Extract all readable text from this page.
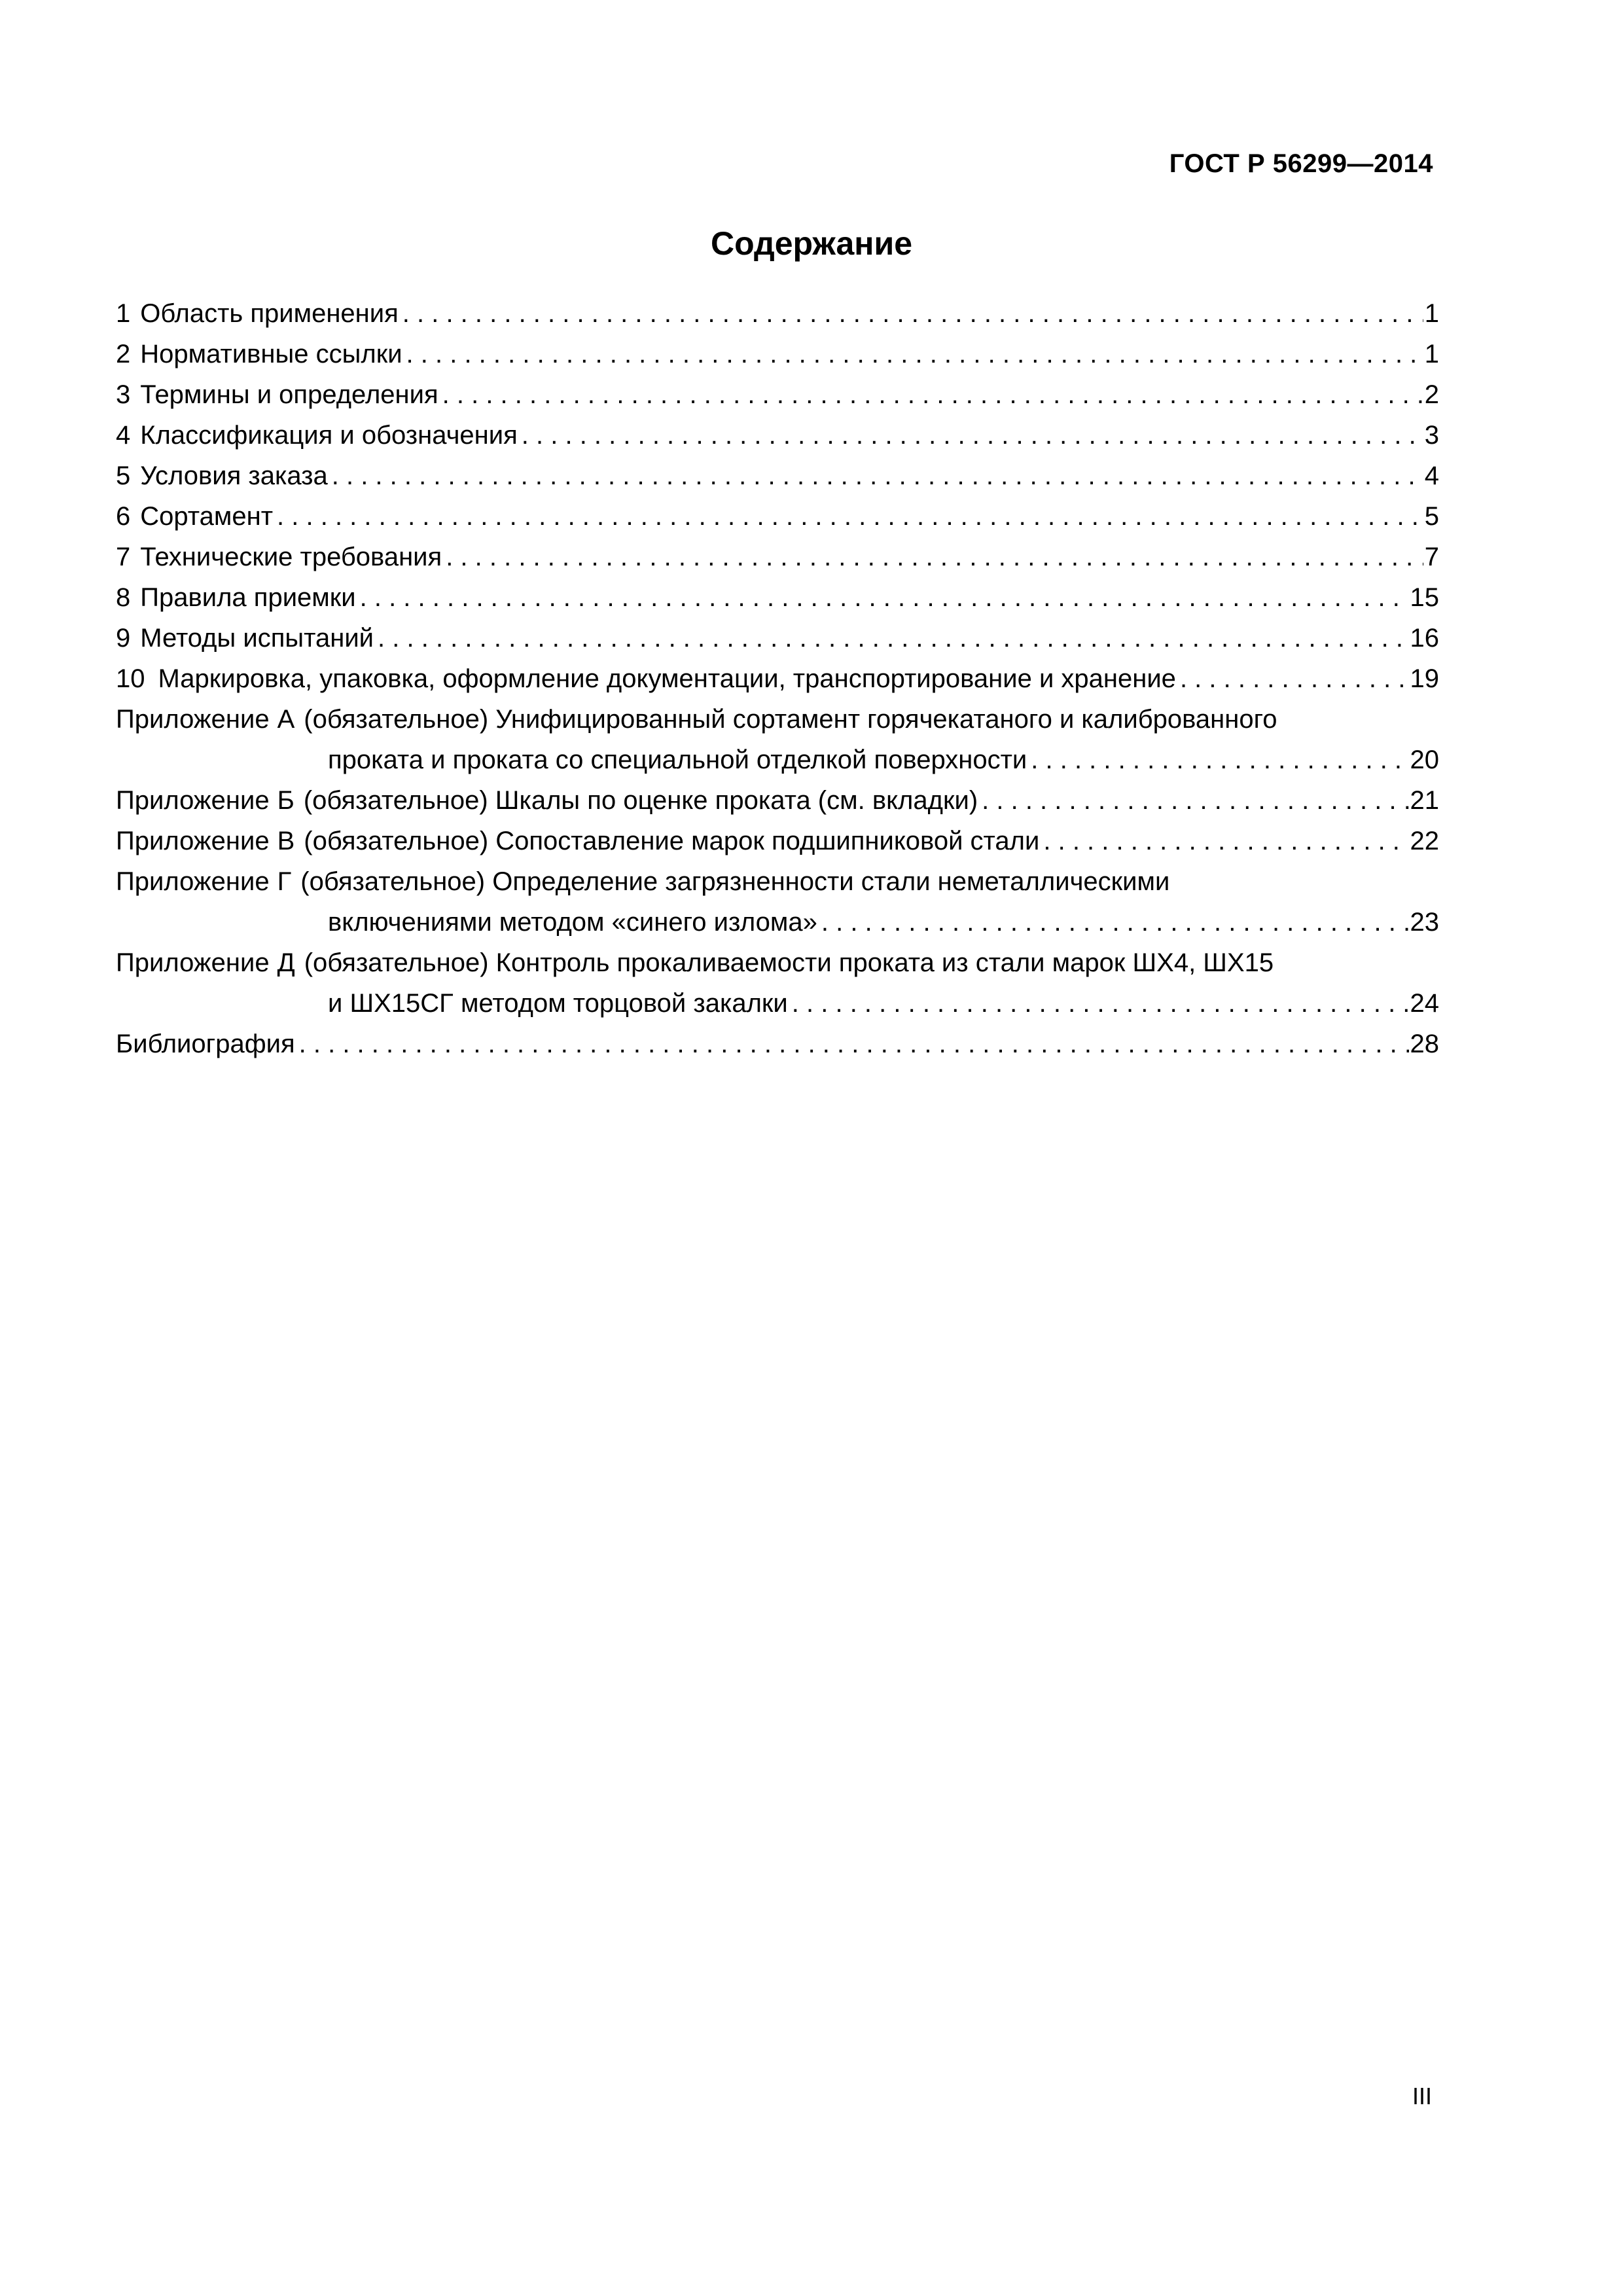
ГОСТ Р 56299—2014
Содержание
1 Область применения . . .	1
2 Нормативные ссылки . . .	1
3 Термины и определения . . .	2
4 Классификация и обозначения . . .	3
5 Условия заказа . . .	4
6 Сортамент . . .	5
7 Технические требования . . .	7
8 Правила приемки . . .	15
9 Методы испытаний . . .	16
10 Маркировка, упаковка, оформление документации, транспортирование и хранение . . .	19
Приложение А (обязательное) Унифицированный сортамент горячекатаного и калиброванного
проката и проката со специальной отделкой поверхности . . .	20
Приложение Б (обязательное) Шкалы по оценке проката (см. вкладки) . . .	21
Приложение В (обязательное) Сопоставление марок подшипниковой стали . . .	22
Приложение Г (обязательное) Определение загрязненности стали неметаллическими
включениями методом «синего излома» . . .	23
Приложение Д (обязательное) Контроль прокаливаемости проката из стали марок ШХ4, ШХ15
и ШХ15СГ методом торцовой закалки . . .	24
Библиография . . .	28
III
